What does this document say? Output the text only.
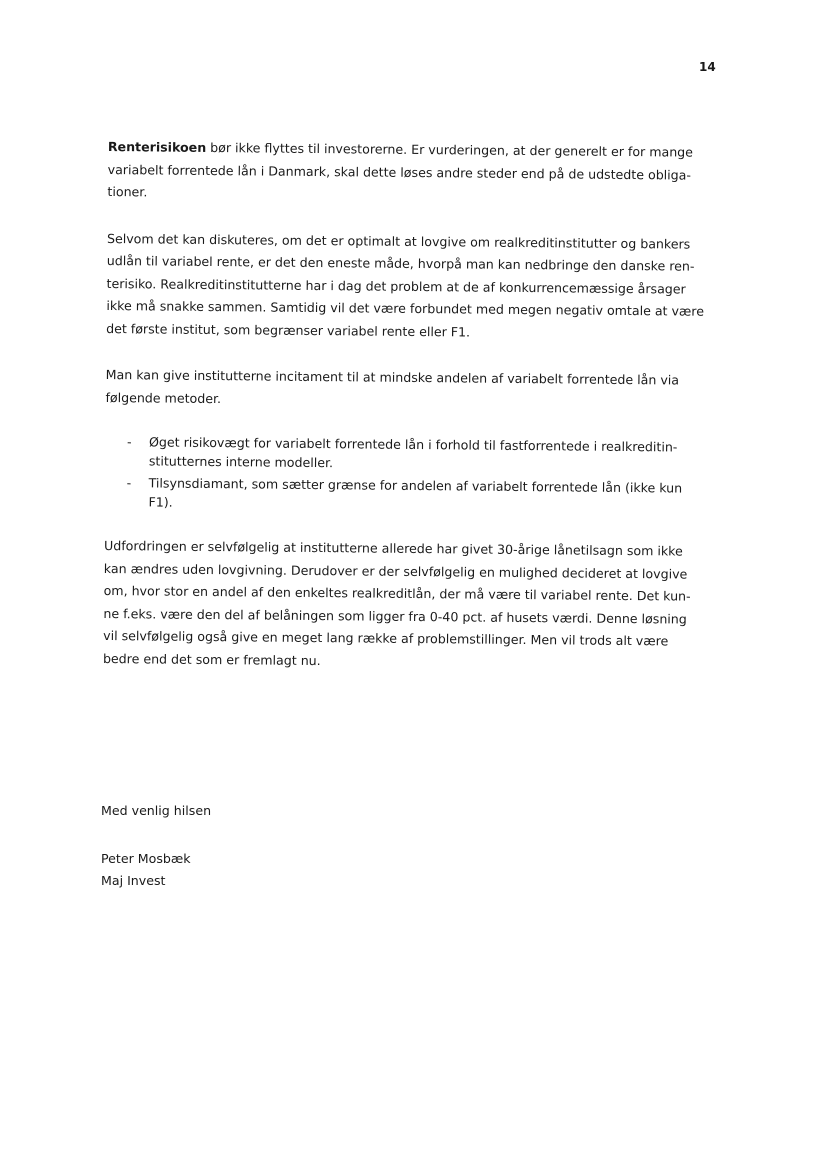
14

Renterisikoen bør ikke flyttes til investorerne. Er vurderingen, at der generelt er for mange variabelt forrentede lån i Danmark, skal dette løses andre steder end på de udstedte obliga-tioner.

Selvom det kan diskuteres, om det er optimalt at lovgive om realkreditinstitutter og bankers udlån til variabel rente, er det den eneste måde, hvorpå man kan nedbringe den danske ren-terisiko. Realkreditinstitutterne har i dag det problem at de af konkurrencemæssige årsager ikke må snakke sammen. Samtidig vil det være forbundet med megen negativ omtale at være det første institut, som begrænser variabel rente eller F1.

Man kan give institutterne incitament til at mindske andelen af variabelt forrentede lån via følgende metoder.

- Øget risikovægt for variabelt forrentede lån i forhold til fastforrentede i realkreditin-stitutternes interne modeller.
- Tilsynsdiamant, som sætter grænse for andelen af variabelt forrentede lån (ikke kun F1).

Udfordringen er selvfølgelig at institutterne allerede har givet 30-årige lånetilsagn som ikke kan ændres uden lovgivning. Derudover er der selvfølgelig en mulighed decideret at lovgive om, hvor stor en andel af den enkeltes realkreditlån, der må være til variabel rente. Det kun-ne f.eks. være den del af belåningen som ligger fra 0-40 pct. af husets værdi. Denne løsning vil selvfølgelig også give en meget lang række af problemstillinger. Men vil trods alt være bedre end det som er fremlagt nu.

Med venlig hilsen
Peter Mosbæk
Maj Invest
